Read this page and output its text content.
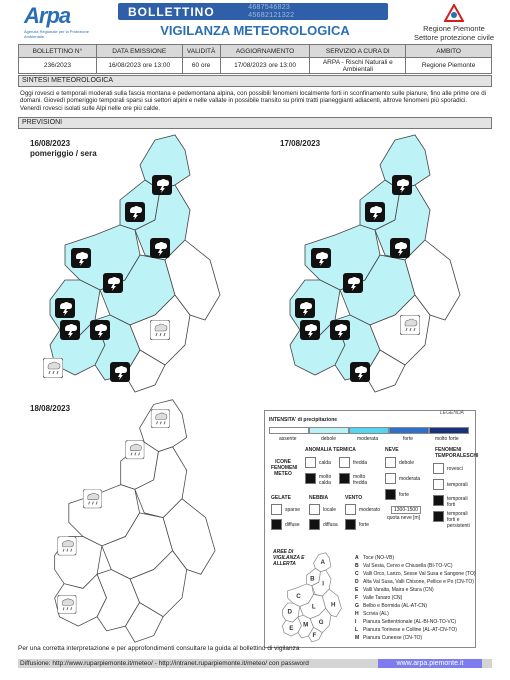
Arpa
Agenzia Regionale per la Protezione Ambientale
BOLLETTINO	4687546823
45682121322

VIGILANZA METEOROLOGICA	Regione Piemonte
Settore protezione civile
BOLLETTINO N°	DATA EMISSIONE	VALIDITÀ	AGGIORNAMENTO	SERVIZIO A CURA DI	AMBITO
236/2023	16/08/2023 ore 13:00	60 ore	17/08/2023 ore 13:00	ARPA - Rischi Naturali e Ambientali	Regione Piemonte
SINTESI METEOROLOGICA
Oggi rovesci e temporali moderati sulla fascia montana e pedemontana alpina, con possibili fenomeni localmente forti in sconfinamento sulle pianure, fino alle prime ore di domani. Giovedì pomeriggio temporali sparsi sui settori alpini e nelle vallate in possibile transito su primi tratti pianeggianti adiacenti, altrove fenomeni più sporadici. Venerdì rovesci isolati sulle Alpi nelle ore più calde.
PREVISIONI
16/08/2023
pomeriggio / sera
17/08/2023
18/08/2023	LEGENDA
INTENSITA' di precipitazione
assente	debole	moderata	forte	molto forte
ICONE FENOMENI METEO
ANOMALIA TERMICA
calda	fredda
molto calda
molto fredda
NEVE
debole
moderata
forte
1300-1500
quota neve [m]
FENOMENI TEMPORALESCHI
rovesci
temporali
temporali forti
temporali forti e persistenti
GELATE
sparse
diffuse
NEBBIA
locale
diffusa
VENTO
moderato
forte
AREE DI VIGILANZA E ALLERTA	A
B
I
C
D
L
E M G
H
F
A Toce (NO-VB)
B Val Sesia, Cervo e Chiusella (BI-TO-VC)
C Valli Orco, Lanzo, Sesse Val Susa e Sangone (TO)
D Alta Val Susa, Valli Chisone, Pellice e Po (CN-TO)
E Valli Varaita, Maira e Stura (CN)
F Valle Tanaro (CN)
G Belbo e Bormida (AL-AT-CN)
H Scrivia (AL)
I Pianura Settentrionale (AL-BI-NO-TO-VC)
L Pianura Torinese e Colline (AL-AT-CN-TO)
M Pianura Cuneese (CN-TO)
Per una corretta interpretazione e per approfondimenti consultare la guida al bollettino di vigilanza
Diffusione: http://www.ruparpiemonte.it/meteo/ - http://intranet.ruparpiemonte.it/meteo/ con password	www.arpa.piemonte.it
